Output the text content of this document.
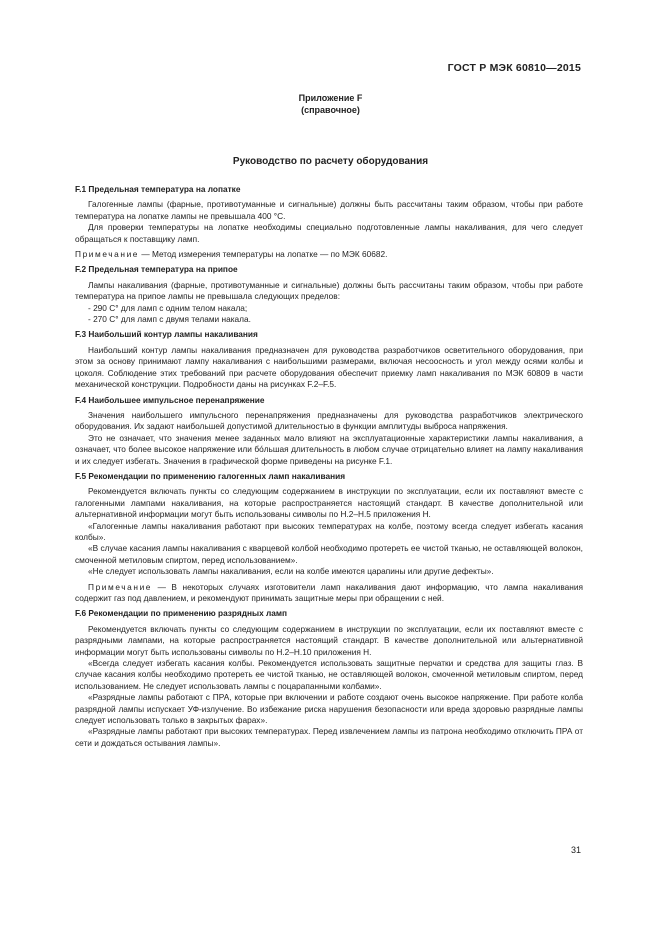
ГОСТ Р МЭК 60810—2015
Приложение F
(справочное)
Руководство по расчету оборудования
F.1 Предельная температура на лопатке

Галогенные лампы (фарные, противотуманные и сигнальные) должны быть рассчитаны таким образом, чтобы при работе температура на лопатке лампы не превышала 400 °С.

Для проверки температуры на лопатке необходимы специально подготовленные лампы накаливания, для чего следует обращаться к поставщику ламп.

Примечание — Метод измерения температуры на лопатке — по МЭК 60682.

F.2 Предельная температура на припое

Лампы накаливания (фарные, противотуманные и сигнальные) должны быть рассчитаны таким образом, чтобы при работе температура на припое лампы не превышала следующих пределов:

- 290 С° для ламп с одним телом накала;

- 270 С° для ламп с двумя телами накала.

F.3 Наибольший контур лампы накаливания

Наибольший контур лампы накаливания предназначен для руководства разработчиков осветительного оборудования, при этом за основу принимают лампу накаливания с наибольшими размерами, включая несоосность и угол между осями колбы и цоколя. Соблюдение этих требований при расчете оборудования обеспечит приемку ламп накаливания по МЭК 60809 в части механической конструкции. Подробности даны на рисунках F.2–F.5.

F.4 Наибольшее импульсное перенапряжение

Значения наибольшего импульсного перенапряжения предназначены для руководства разработчиков электрического оборудования. Их задают наибольшей допустимой длительностью в функции амплитуды выброса напряжения.

Это не означает, что значения менее заданных мало влияют на эксплуатационные характеристики лампы накаливания, а означает, что более высокое напряжение или бо́льшая длительность в любом случае отрицательно влияет на лампу накаливания и их следует избегать. Значения в графической форме приведены на рисунке F.1.

F.5 Рекомендации по применению галогенных ламп накаливания

Рекомендуется включать пункты со следующим содержанием в инструкции по эксплуатации, если их поставляют вместе с галогенными лампами накаливания, на которые распространяется настоящий стандарт. В качестве дополнительной или альтернативной информации могут быть использованы символы по Н.2–Н.5 приложения Н.

«Галогенные лампы накаливания работают при высоких температурах на колбе, поэтому всегда следует избегать касания колбы».

«В случае касания лампы накаливания с кварцевой колбой необходимо протереть ее чистой тканью, не оставляющей волокон, смоченной метиловым спиртом, перед использованием».

«Не следует использовать лампы накаливания, если на колбе имеются царапины или другие дефекты».

Примечание — В некоторых случаях изготовители ламп накаливания дают информацию, что лампа накаливания содержит газ под давлением, и рекомендуют принимать защитные меры при обращении с ней.

F.6 Рекомендации по применению разрядных ламп

Рекомендуется включать пункты со следующим содержанием в инструкции по эксплуатации, если их поставляют вместе с разрядными лампами, на которые распространяется настоящий стандарт. В качестве дополнительной или альтернативной информации могут быть использованы символы по Н.2–Н.10 приложения Н.

«Всегда следует избегать касания колбы. Рекомендуется использовать защитные перчатки и средства для защиты глаз. В случае касания колбы необходимо протереть ее чистой тканью, не оставляющей волокон, смоченной метиловым спиртом, перед использованием. Не следует использовать лампы с поцарапанными колбами».

«Разрядные лампы работают с ПРА, которые при включении и работе создают очень высокое напряжение. При работе колба разрядной лампы испускает УФ-излучение. Во избежание риска нарушения безопасности или вреда здоровью разрядные лампы следует использовать только в закрытых фарах».

«Разрядные лампы работают при высоких температурах. Перед извлечением лампы из патрона необходимо отключить ПРА от сети и дождаться остывания лампы».

31
